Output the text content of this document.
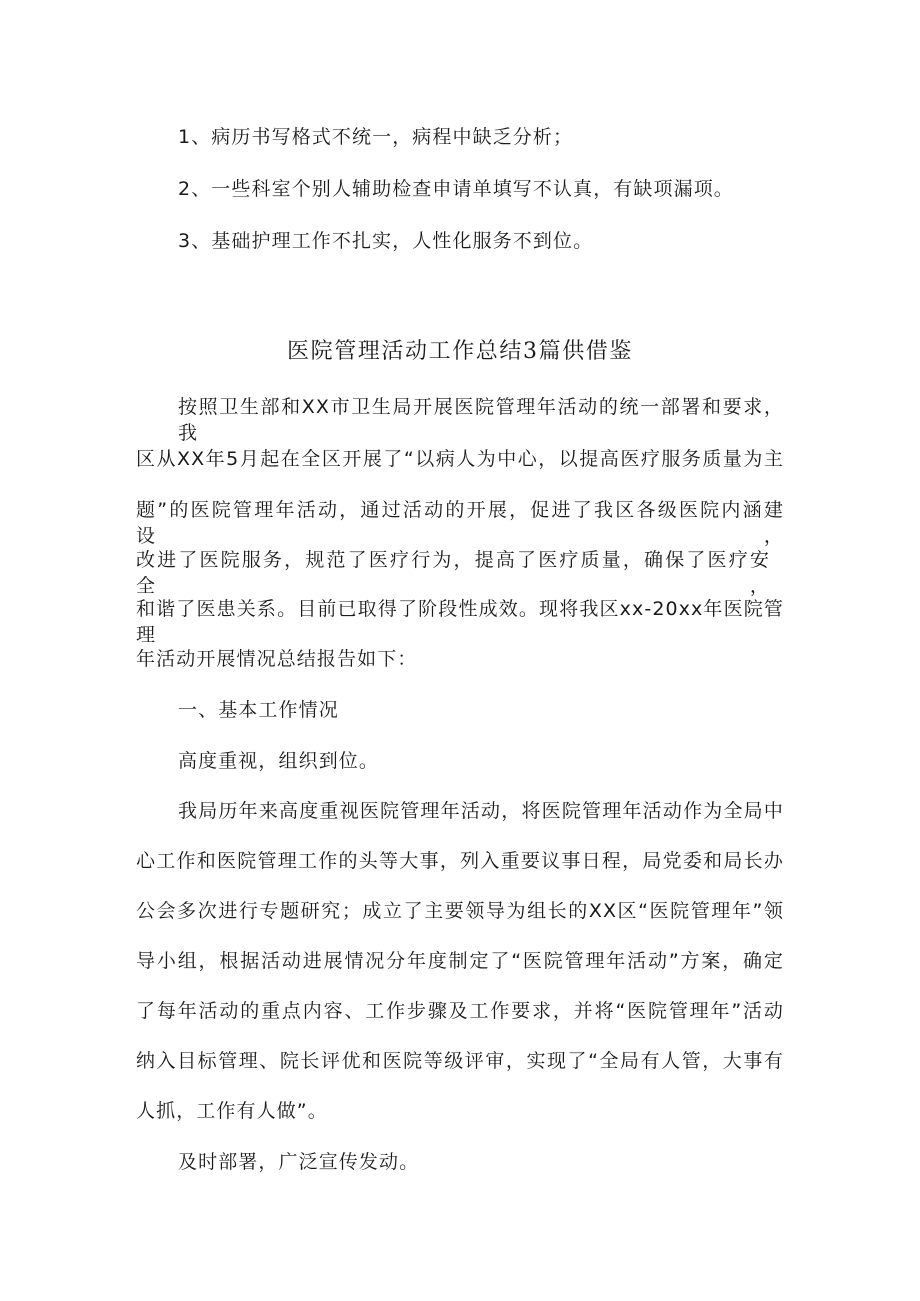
1、病历书写格式不统一，病程中缺乏分析；
2、一些科室个别人辅助检查申请单填写不认真，有缺项漏项。
3、基础护理工作不扎实，人性化服务不到位。
医院管理活动工作总结3篇供借鉴
按照卫生部和XX市卫生局开展医院管理年活动的统一部署和要求，我
区从XX年5月起在全区开展了“以病人为中心，以提高医疗服务质量为主
题”的医院管理年活动，通过活动的开展，促进了我区各级医院内涵建设，
改进了医院服务，规范了医疗行为，提高了医疗质量，确保了医疗安全，
和谐了医患关系。目前已取得了阶段性成效。现将我区xx-20xx年医院管理
年活动开展情况总结报告如下：
一、基本工作情况
高度重视，组织到位。
我局历年来高度重视医院管理年活动，将医院管理年活动作为全局中
心工作和医院管理工作的头等大事，列入重要议事日程，局党委和局长办
公会多次进行专题研究；成立了主要领导为组长的XX区“医院管理年”领
导小组，根据活动进展情况分年度制定了“医院管理年活动”方案，确定
了每年活动的重点内容、工作步骤及工作要求，并将“医院管理年”活动
纳入目标管理、院长评优和医院等级评审，实现了“全局有人管，大事有
人抓，工作有人做”。
及时部署，广泛宣传发动。
